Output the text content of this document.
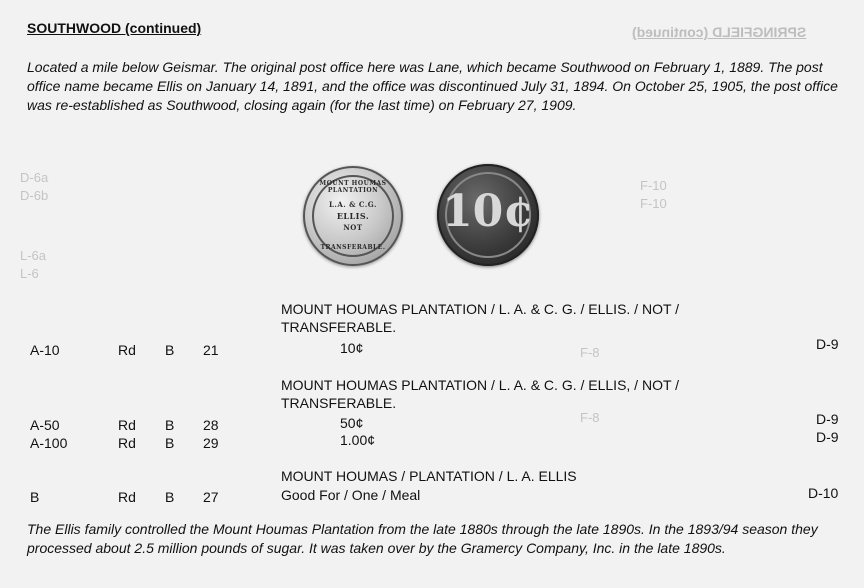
SPRINGFIELD (continued)
F-10
F-10
D-6a
D-6b
L-6a
L-6
F-8
F-8
SOUTHWOOD (continued)
Located a mile below Geismar. The original post office here was Lane, which became Southwood on February 1, 1889. The post office name became Ellis on January 14, 1891, and the office was discontinued July 31, 1894. On October 25, 1905, the post office was re-established as Southwood, closing again (for the last time) on February 27, 1909.
MOUNT HOUMAS PLANTATION
L.A. & C.G.
ELLIS.
NOT
TRANSFERABLE.
10¢
MOUNT HOUMAS PLANTATION / L. A. & C. G. / ELLIS. / NOT /
TRANSFERABLE.
A-10	Rd B 21	10¢	D-9
MOUNT HOUMAS PLANTATION / L. A. & C. G. / ELLIS, / NOT /
TRANSFERABLE.
A-50	Rd B 28	50¢	D-9
A-100	Rd B 29	1.00¢	D-9
MOUNT HOUMAS / PLANTATION / L. A. ELLIS
B	Rd B 27	Good For / One / Meal	D-10
The Ellis family controlled the Mount Houmas Plantation from the late 1880s through the late 1890s. In the 1893/94 season they processed about 2.5 million pounds of sugar. It was taken over by the Gramercy Company, Inc. in the late 1890s.
